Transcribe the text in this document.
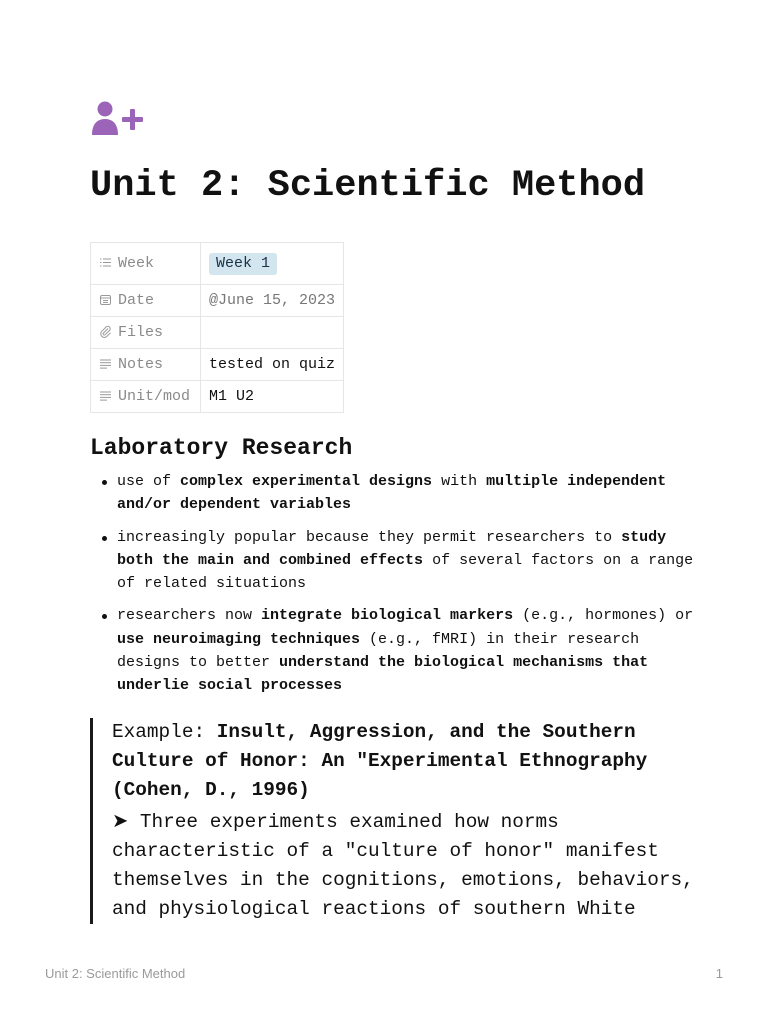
Unit 2: Scientific Method
Week	Week 1

Date	@June 15, 2023

Files	

Notes	tested on quiz

Unit/mod	M1 U2
Laboratory Research
use of complex experimental designs with multiple independent and/or dependent variables
increasingly popular because they permit researchers to study both the main and combined effects of several factors on a range of related situations
researchers now integrate biological markers (e.g., hormones) or use neuroimaging techniques (e.g., fMRI) in their research designs to better understand the biological mechanisms that underlie social processes
Example: Insult, Aggression, and the Southern Culture of Honor: An "Experimental Ethnography (Cohen, D., 1996)
➤ Three experiments examined how norms characteristic of a "culture of honor" manifest themselves in the cognitions, emotions, behaviors, and physiological reactions of southern White
Unit 2: Scientific Method	1
